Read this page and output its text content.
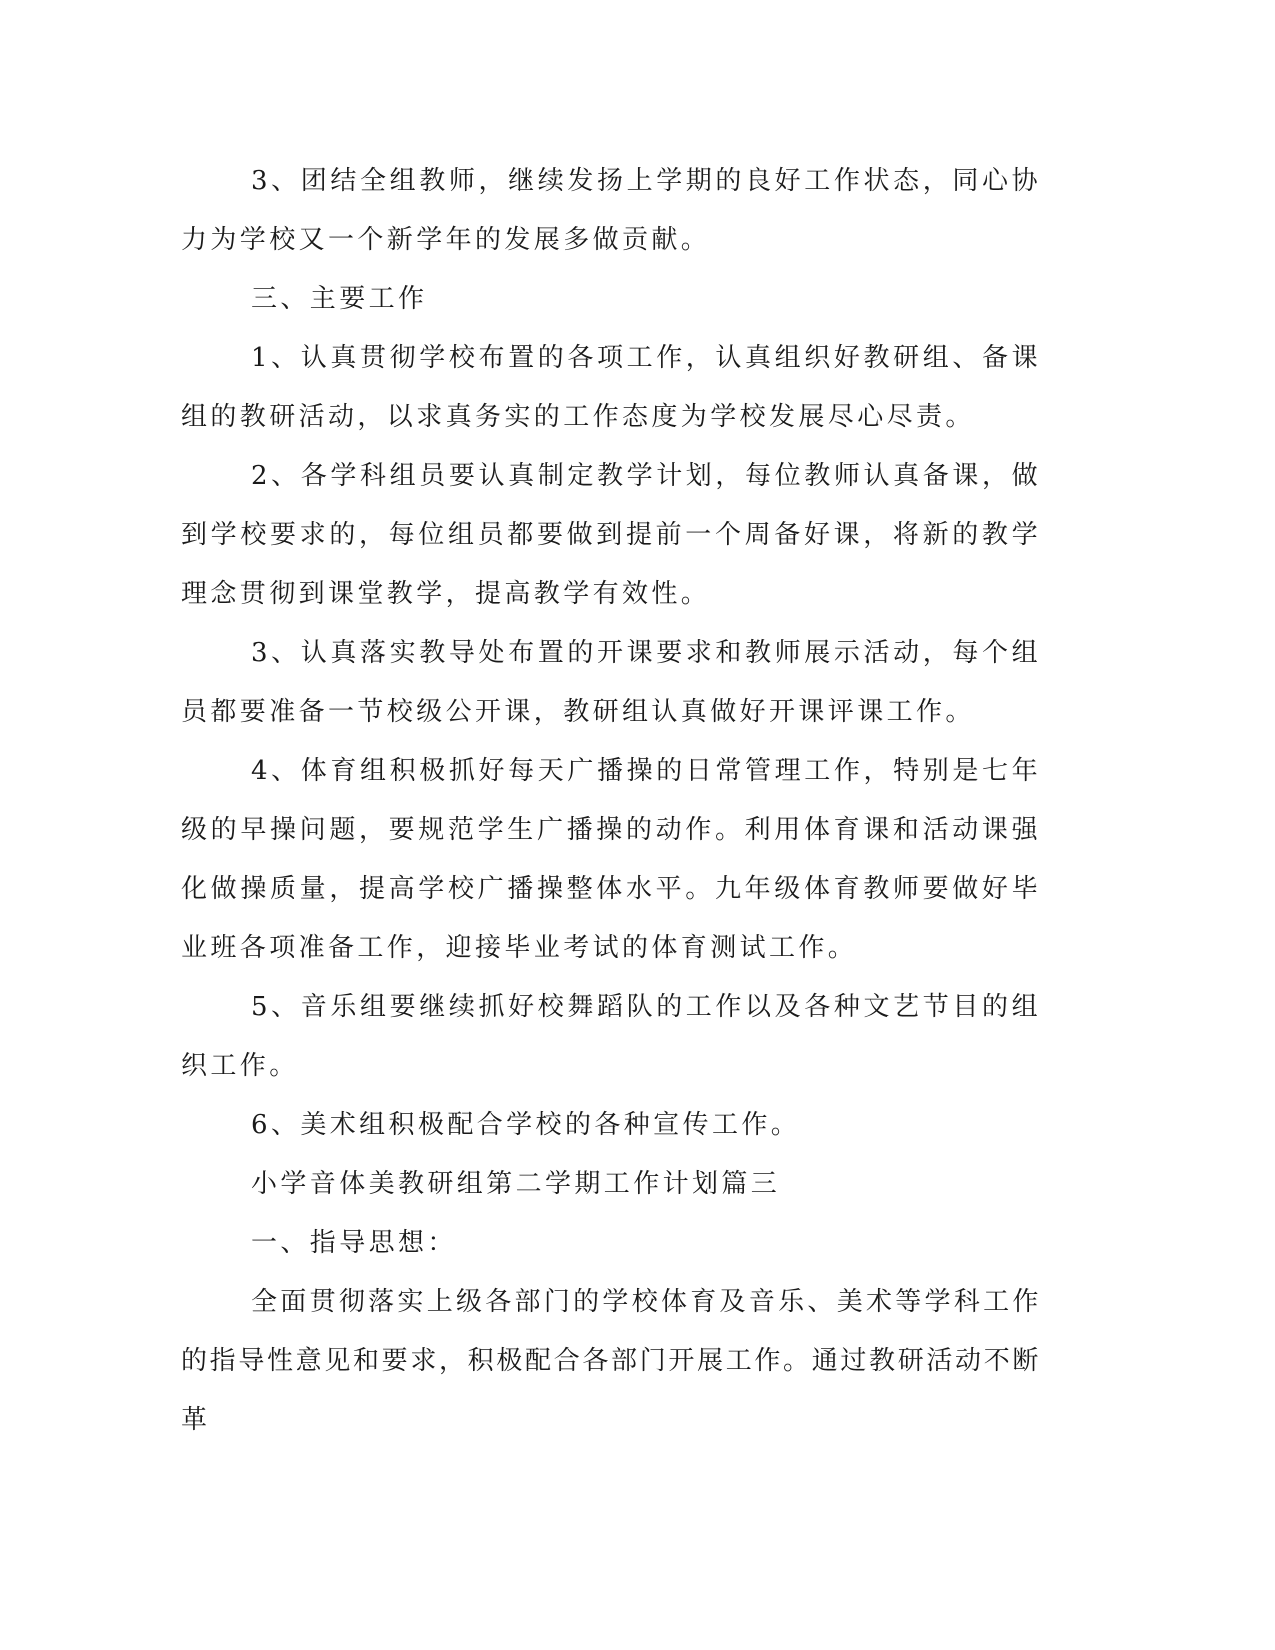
3、团结全组教师，继续发扬上学期的良好工作状态，同心协力为学校又一个新学年的发展多做贡献。

三、主要工作

1、认真贯彻学校布置的各项工作，认真组织好教研组、备课组的教研活动，以求真务实的工作态度为学校发展尽心尽责。

2、各学科组员要认真制定教学计划，每位教师认真备课，做到学校要求的，每位组员都要做到提前一个周备好课，将新的教学理念贯彻到课堂教学，提高教学有效性。

3、认真落实教导处布置的开课要求和教师展示活动，每个组员都要准备一节校级公开课，教研组认真做好开课评课工作。

4、体育组积极抓好每天广播操的日常管理工作，特别是七年级的早操问题，要规范学生广播操的动作。利用体育课和活动课强化做操质量，提高学校广播操整体水平。九年级体育教师要做好毕业班各项准备工作，迎接毕业考试的体育测试工作。

5、音乐组要继续抓好校舞蹈队的工作以及各种文艺节目的组织工作。

6、美术组积极配合学校的各种宣传工作。

小学音体美教研组第二学期工作计划篇三

一、指导思想：

全面贯彻落实上级各部门的学校体育及音乐、美术等学科工作的指导性意见和要求，积极配合各部门开展工作。通过教研活动不断革
